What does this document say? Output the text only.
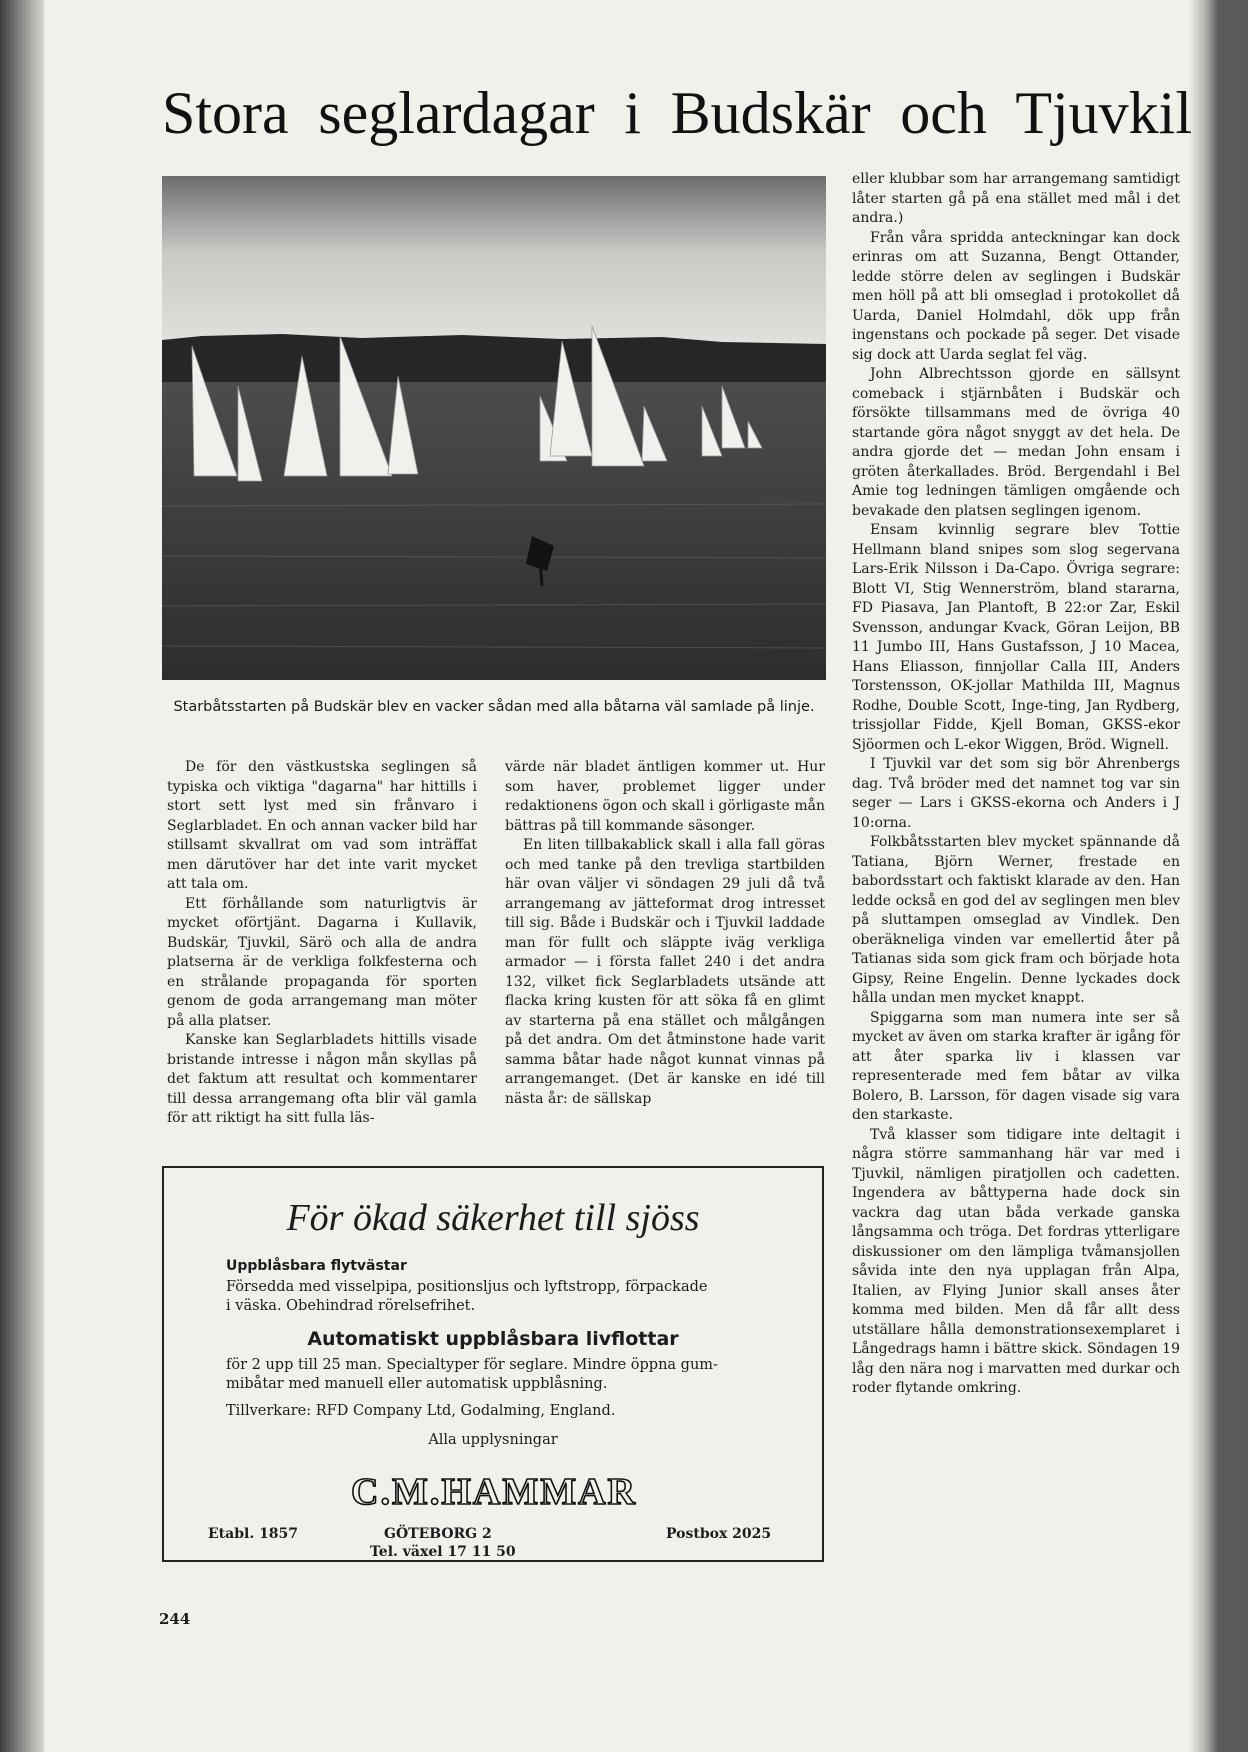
Stora seglardagar i Budskär och Tjuvkil

Starbåtsstarten på Budskär blev en vacker sådan med alla båtarna väl samlade på linje.

De för den västkustska seglingen så typiska och viktiga "dagarna" har hittills i stort sett lyst med sin frånvaro i Seglarbladet. En och annan vacker bild har stillsamt skvallrat om vad som inträffat men därutöver har det inte varit mycket att tala om.

Ett förhållande som naturligtvis är mycket oförtjänt. Dagarna i Kullavik, Budskär, Tjuvkil, Särö och alla de andra platserna är de verkliga folkfesterna och en strålande propaganda för sporten genom de goda arrangemang man möter på alla platser.

Kanske kan Seglarbladets hittills visade bristande intresse i någon mån skyllas på det faktum att resultat och kommentarer till dessa arrangemang ofta blir väl gamla för att riktigt ha sitt fulla läs-

värde när bladet äntligen kommer ut. Hur som haver, problemet ligger under redaktionens ögon och skall i görligaste mån bättras på till kommande säsonger.

En liten tillbakablick skall i alla fall göras och med tanke på den trevliga startbilden här ovan väljer vi söndagen 29 juli då två arrangemang av jätteformat drog intresset till sig. Både i Budskär och i Tjuvkil laddade man för fullt och släppte iväg verkliga armador — i första fallet 240 i det andra 132, vilket fick Seglarbladets utsände att flacka kring kusten för att söka få en glimt av starterna på ena stället och målgången på det andra. Om det åtminstone hade varit samma båtar hade något kunnat vinnas på arrangemanget. (Det är kanske en idé till nästa år: de sällskap

eller klubbar som har arrangemang samtidigt låter starten gå på ena stället med mål i det andra.)

Från våra spridda anteckningar kan dock erinras om att Suzanna, Bengt Ottander, ledde större delen av seglingen i Budskär men höll på att bli omseglad i protokollet då Uarda, Daniel Holmdahl, dök upp från ingenstans och pockade på seger. Det visade sig dock att Uarda seglat fel väg.

John Albrechtsson gjorde en sällsynt comeback i stjärnbåten i Budskär och försökte tillsammans med de övriga 40 startande göra något snyggt av det hela. De andra gjorde det — medan John ensam i gröten återkallades. Bröd. Bergendahl i Bel Amie tog ledningen tämligen omgående och bevakade den platsen seglingen igenom.

Ensam kvinnlig segrare blev Tottie Hellmann bland snipes som slog segervana Lars-Erik Nilsson i Da-Capo. Övriga segrare: Blott VI, Stig Wennerström, bland stararna, FD Piasava, Jan Plantoft, B 22:or Zar, Eskil Svensson, andungar Kvack, Göran Leijon, BB 11 Jumbo III, Hans Gustafsson, J 10 Macea, Hans Eliasson, finnjollar Calla III, Anders Torstensson, OK-jollar Mathilda III, Magnus Rodhe, Double Scott, Inge-ting, Jan Rydberg, trissjollar Fidde, Kjell Boman, GKSS-ekor Sjöormen och L-ekor Wiggen, Bröd. Wignell.

I Tjuvkil var det som sig bör Ahrenbergs dag. Två bröder med det namnet tog var sin seger — Lars i GKSS-ekorna och Anders i J 10:orna.

Folkbåtsstarten blev mycket spännande då Tatiana, Björn Werner, frestade en babordsstart och faktiskt klarade av den. Han ledde också en god del av seglingen men blev på sluttampen omseglad av Vindlek. Den oberäkneliga vinden var emellertid åter på Tatianas sida som gick fram och började hota Gipsy, Reine Engelin. Denne lyckades dock hålla undan men mycket knappt.

Spiggarna som man numera inte ser så mycket av även om starka krafter är igång för att åter sparka liv i klassen var representerade med fem båtar av vilka Bolero, B. Larsson, för dagen visade sig vara den starkaste.

Två klasser som tidigare inte deltagit i några större sammanhang här var med i Tjuvkil, nämligen piratjollen och cadetten. Ingendera av båttyperna hade dock sin vackra dag utan båda verkade ganska långsamma och tröga. Det fordras ytterligare diskussioner om den lämpliga tvåmansjollen såvida inte den nya upplagan från Alpa, Italien, av Flying Junior skall anses åter komma med bilden. Men då får allt dess utställare hålla demonstrationsexemplaret i Långedrags hamn i bättre skick. Söndagen 19 låg den nära nog i marvatten med durkar och roder flytande omkring.

För ökad säkerhet till sjöss

Uppblåsbara flytvästar

Försedda med visselpipa, positionsljus och lyftstropp, förpackade

i väska. Obehindrad rörelsefrihet.

Automatiskt uppblåsbara livflottar

för 2 upp till 25 man. Specialtyper för seglare. Mindre öppna gum-

mibåtar med manuell eller automatisk uppblåsning.

Tillverkare: RFD Company Ltd, Godalming, England.

Alla upplysningar

C.M.HAMMAR

Etabl. 1857	GÖTEBORG 2

Tel. växel 17 11 50

Postbox 2025

244
